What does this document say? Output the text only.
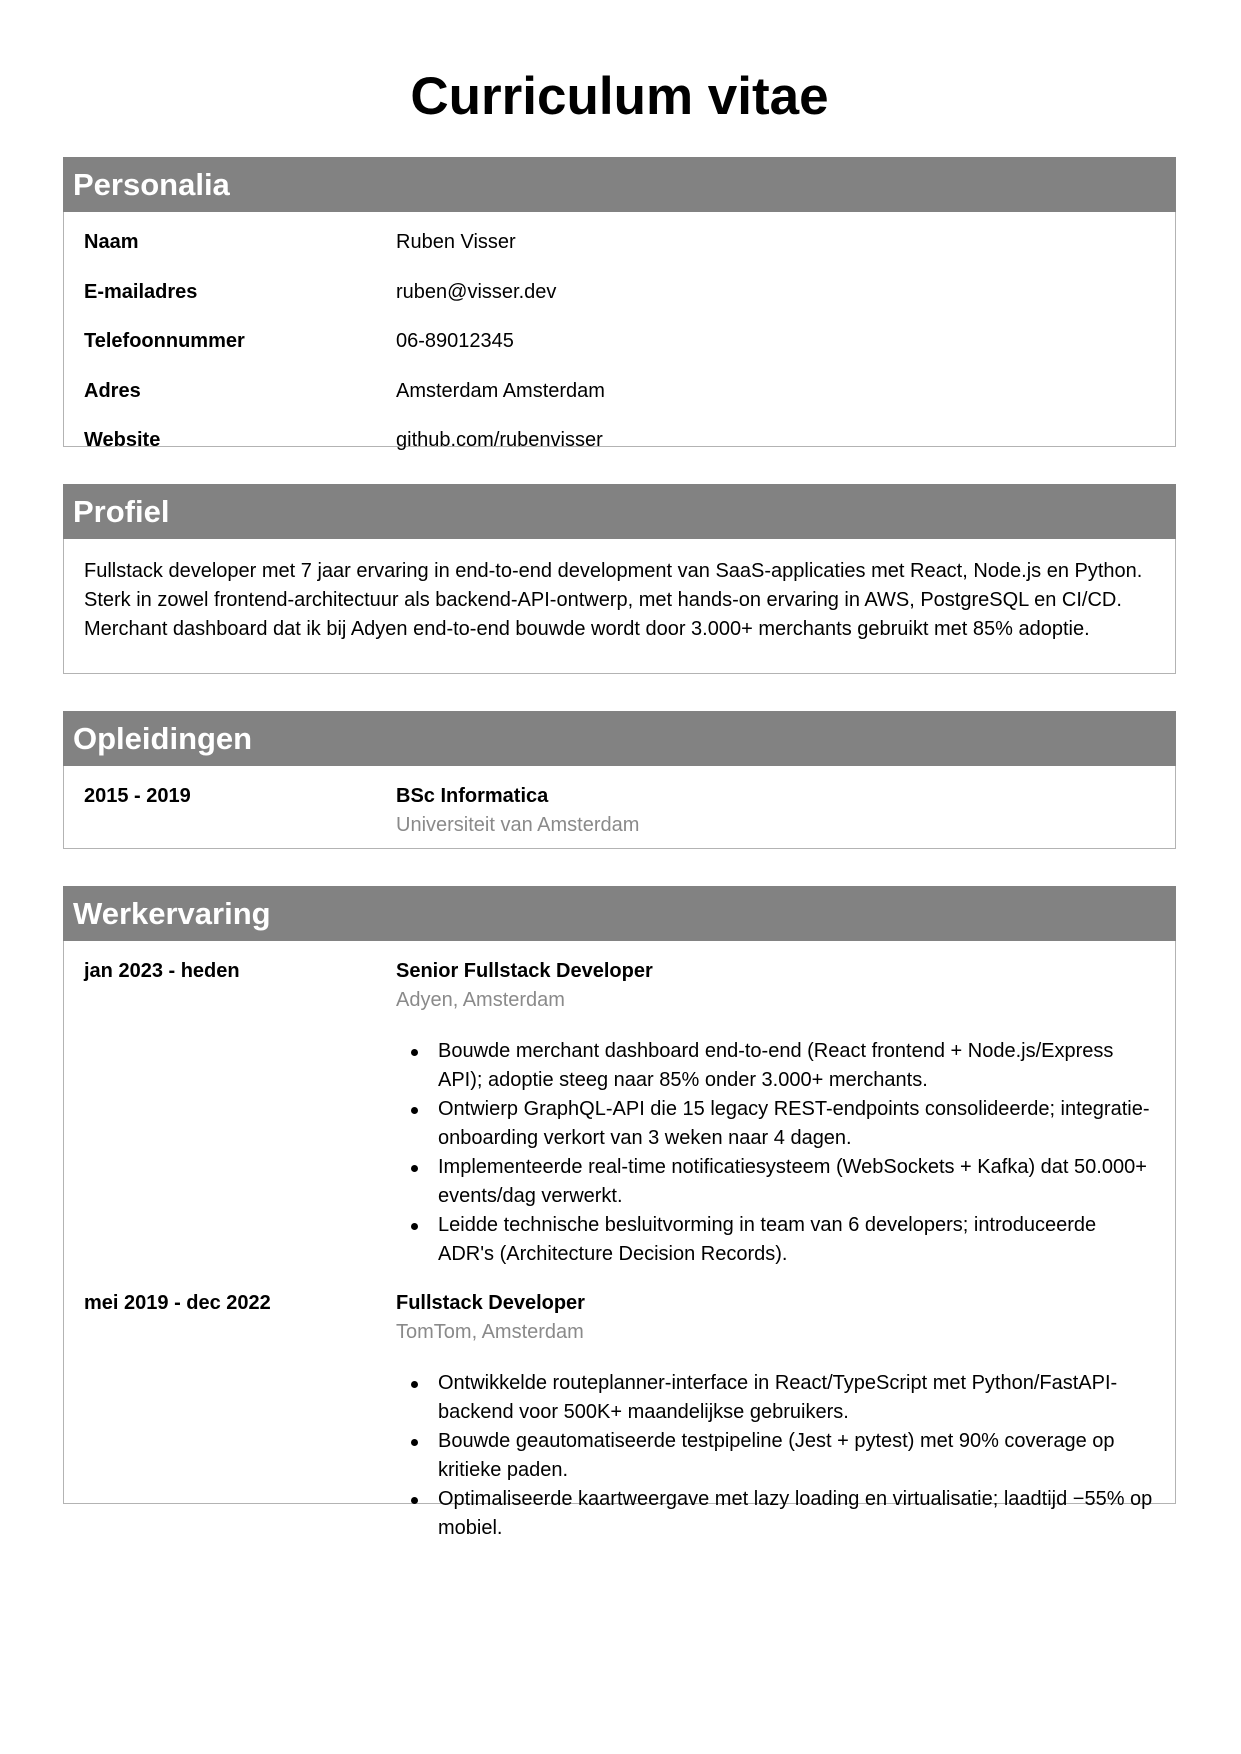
Curriculum vitae
Personalia
Naam	Ruben Visser
E-mailadres	ruben@visser.dev
Telefoonnummer	06-89012345
Adres	Amsterdam Amsterdam
Website	github.com/rubenvisser
Profiel

Fullstack developer met 7 jaar ervaring in end-to-end development van SaaS-applicaties met React, Node.js en Python. Sterk in zowel frontend-architectuur als backend-API-ontwerp, met hands-on ervaring in AWS, PostgreSQL en CI/CD. Merchant dashboard dat ik bij Adyen end-to-end bouwde wordt door 3.000+ merchants gebruikt met 85% adoptie.

Opleidingen
2015 - 2019	BSc Informatica
Universiteit van Amsterdam
Werkervaring
jan 2023 - heden	Senior Fullstack Developer
Adyen, Amsterdam
Bouwde merchant dashboard end-to-end (React frontend + Node.js/Express API); adoptie steeg naar 85% onder 3.000+ merchants.
Ontwierp GraphQL-API die 15 legacy REST-endpoints consolideerde; integratie-onboarding verkort van 3 weken naar 4 dagen.
Implementeerde real-time notificatiesysteem (WebSockets + Kafka) dat 50.000+ events/dag verwerkt.
Leidde technische besluitvorming in team van 6 developers; introduceerde ADR's (Architecture Decision Records).
mei 2019 - dec 2022	Fullstack Developer
TomTom, Amsterdam
Ontwikkelde routeplanner-interface in React/TypeScript met Python/FastAPI-backend voor 500K+ maandelijkse gebruikers.
Bouwde geautomatiseerde testpipeline (Jest + pytest) met 90% coverage op kritieke paden.
Optimaliseerde kaartweergave met lazy loading en virtualisatie; laadtijd −55% op mobiel.
